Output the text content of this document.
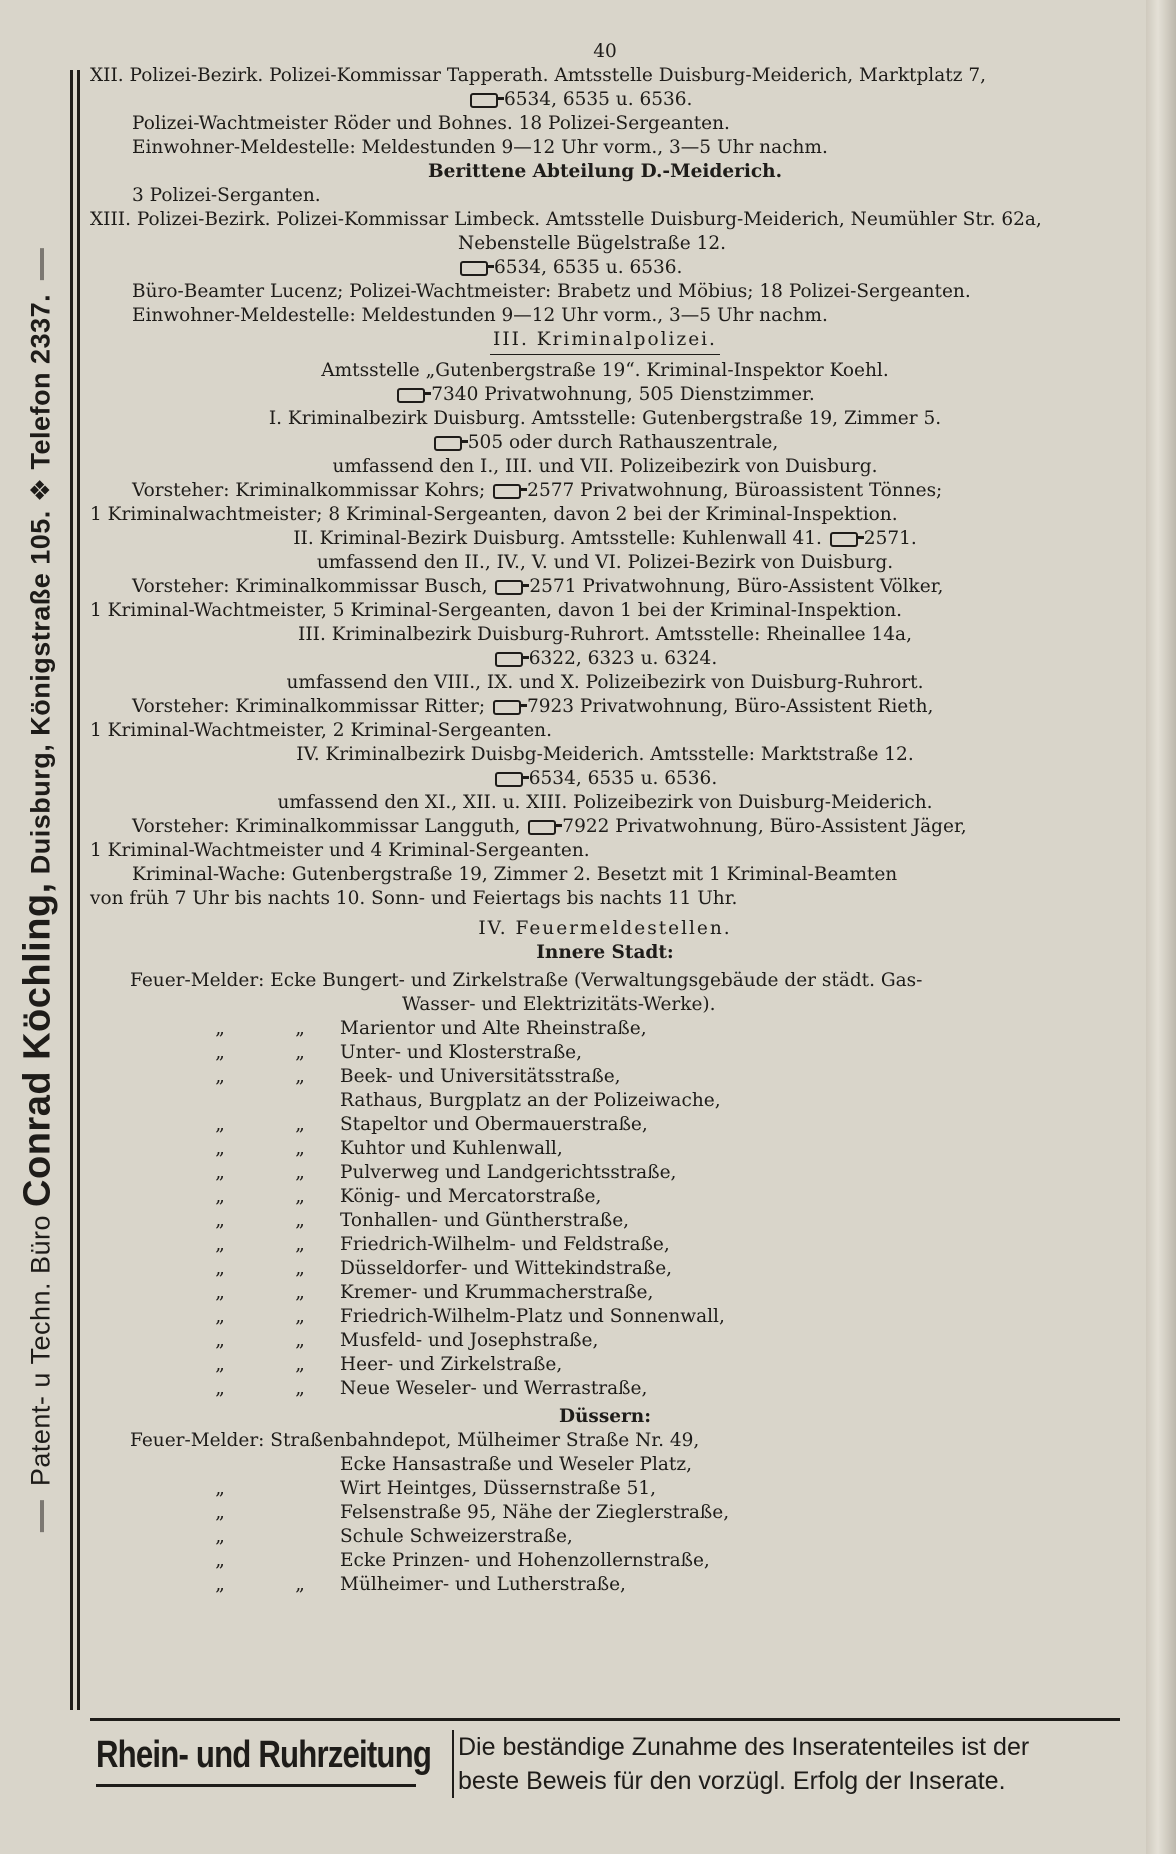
Patent- u Techn. Büro Conrad Köchling, Duisburg, Königstraße 105. ❖ Telefon 2337.
40
XII. Polizei-Bezirk. Polizei-Kommissar Tapperath. Amtsstelle Duisburg-Meiderich, Marktplatz 7,
6534, 6535 u. 6536.
Polizei-Wachtmeister Röder und Bohnes. 18 Polizei-Sergeanten.
Einwohner-Meldestelle: Meldestunden 9—12 Uhr vorm., 3—5 Uhr nachm.
Berittene Abteilung D.-Meiderich.
3 Polizei-Serganten.
XIII. Polizei-Bezirk. Polizei-Kommissar Limbeck. Amtsstelle Duisburg-Meiderich, Neumühler Str. 62a,
Nebenstelle Bügelstraße 12.
6534, 6535 u. 6536.
Büro-Beamter Lucenz; Polizei-Wachtmeister: Brabetz und Möbius; 18 Polizei-Sergeanten.
Einwohner-Meldestelle: Meldestunden 9—12 Uhr vorm., 3—5 Uhr nachm.
III. Kriminalpolizei.
Amtsstelle „Gutenbergstraße 19“. Kriminal-Inspektor Koehl.
7340 Privatwohnung, 505 Dienstzimmer.
I. Kriminalbezirk Duisburg. Amtsstelle: Gutenbergstraße 19, Zimmer 5.
505 oder durch Rathauszentrale,
umfassend den I., III. und VII. Polizeibezirk von Duisburg.
Vorsteher: Kriminalkommissar Kohrs; 2577 Privatwohnung, Büroassistent Tönnes;
1 Kriminalwachtmeister; 8 Kriminal-Sergeanten, davon 2 bei der Kriminal-Inspektion.
II. Kriminal-Bezirk Duisburg. Amtsstelle: Kuhlenwall 41. 2571.
umfassend den II., IV., V. und VI. Polizei-Bezirk von Duisburg.
Vorsteher: Kriminalkommissar Busch, 2571 Privatwohnung, Büro-Assistent Völker,
1 Kriminal-Wachtmeister, 5 Kriminal-Sergeanten, davon 1 bei der Kriminal-Inspektion.
III. Kriminalbezirk Duisburg-Ruhrort. Amtsstelle: Rheinallee 14a,
6322, 6323 u. 6324.
umfassend den VIII., IX. und X. Polizeibezirk von Duisburg-Ruhrort.
Vorsteher: Kriminalkommissar Ritter; 7923 Privatwohnung, Büro-Assistent Rieth,
1 Kriminal-Wachtmeister, 2 Kriminal-Sergeanten.
IV. Kriminalbezirk Duisbg-Meiderich. Amtsstelle: Marktstraße 12.
6534, 6535 u. 6536.
umfassend den XI., XII. u. XIII. Polizeibezirk von Duisburg-Meiderich.
Vorsteher: Kriminalkommissar Langguth, 7922 Privatwohnung, Büro-Assistent Jäger,
1 Kriminal-Wachtmeister und 4 Kriminal-Sergeanten.
Kriminal-Wache: Gutenbergstraße 19, Zimmer 2. Besetzt mit 1 Kriminal-Beamten
von früh 7 Uhr bis nachts 10. Sonn- und Feiertags bis nachts 11 Uhr.
IV. Feuermeldestellen.
Innere Stadt:
Feuer-Melder: Ecke Bungert- und Zirkelstraße (Verwaltungsgebäude der städt. Gas-
Wasser- und Elektrizitäts-Werke).
„	„ Marientor und Alte Rheinstraße,
„	„ Unter- und Klosterstraße,
„	„ Beek- und Universitätsstraße,
Rathaus, Burgplatz an der Polizeiwache,
„	„ Stapeltor und Obermauerstraße,
„	„ Kuhtor und Kuhlenwall,
„	„ Pulverweg und Landgerichtsstraße,
„	„ König- und Mercatorstraße,
„	„ Tonhallen- und Güntherstraße,
„	„ Friedrich-Wilhelm- und Feldstraße,
„	„ Düsseldorfer- und Wittekindstraße,
„	„ Kremer- und Krummacherstraße,
„	„ Friedrich-Wilhelm-Platz und Sonnenwall,
„	„ Musfeld- und Josephstraße,
„	„ Heer- und Zirkelstraße,
„	„ Neue Weseler- und Werrastraße,
Düssern:
Feuer-Melder: Straßenbahndepot, Mülheimer Straße Nr. 49,
Ecke Hansastraße und Weseler Platz,
„	Wirt Heintges, Düssernstraße 51,
„	Felsenstraße 95, Nähe der Zieglerstraße,
„	Schule Schweizerstraße,
„	Ecke Prinzen- und Hohenzollernstraße,
„	„ Mülheimer- und Lutherstraße,
Rhein- und Ruhrzeitung Die beständige Zunahme des Inseratenteiles ist der
beste Beweis für den vorzügl. Erfolg der Inserate.
